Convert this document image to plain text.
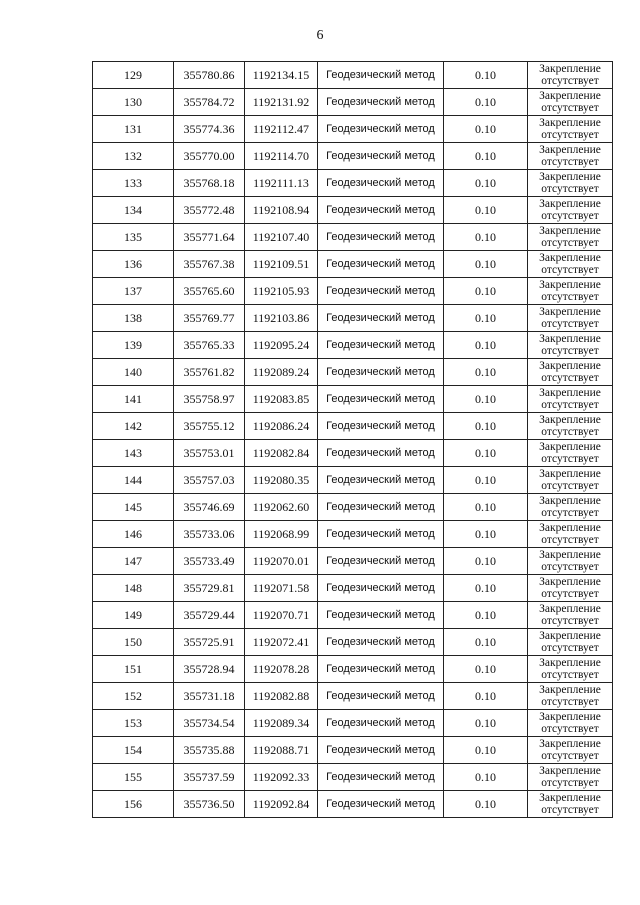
6
129	355780.86	1192134.15	Геодезический метод	0.10	Закрепление отсутствует
130	355784.72	1192131.92	Геодезический метод	0.10	Закрепление отсутствует
131	355774.36	1192112.47	Геодезический метод	0.10	Закрепление отсутствует
132	355770.00	1192114.70	Геодезический метод	0.10	Закрепление отсутствует
133	355768.18	1192111.13	Геодезический метод	0.10	Закрепление отсутствует
134	355772.48	1192108.94	Геодезический метод	0.10	Закрепление отсутствует
135	355771.64	1192107.40	Геодезический метод	0.10	Закрепление отсутствует
136	355767.38	1192109.51	Геодезический метод	0.10	Закрепление отсутствует
137	355765.60	1192105.93	Геодезический метод	0.10	Закрепление отсутствует
138	355769.77	1192103.86	Геодезический метод	0.10	Закрепление отсутствует
139	355765.33	1192095.24	Геодезический метод	0.10	Закрепление отсутствует
140	355761.82	1192089.24	Геодезический метод	0.10	Закрепление отсутствует
141	355758.97	1192083.85	Геодезический метод	0.10	Закрепление отсутствует
142	355755.12	1192086.24	Геодезический метод	0.10	Закрепление отсутствует
143	355753.01	1192082.84	Геодезический метод	0.10	Закрепление отсутствует
144	355757.03	1192080.35	Геодезический метод	0.10	Закрепление отсутствует
145	355746.69	1192062.60	Геодезический метод	0.10	Закрепление отсутствует
146	355733.06	1192068.99	Геодезический метод	0.10	Закрепление отсутствует
147	355733.49	1192070.01	Геодезический метод	0.10	Закрепление отсутствует
148	355729.81	1192071.58	Геодезический метод	0.10	Закрепление отсутствует
149	355729.44	1192070.71	Геодезический метод	0.10	Закрепление отсутствует
150	355725.91	1192072.41	Геодезический метод	0.10	Закрепление отсутствует
151	355728.94	1192078.28	Геодезический метод	0.10	Закрепление отсутствует
152	355731.18	1192082.88	Геодезический метод	0.10	Закрепление отсутствует
153	355734.54	1192089.34	Геодезический метод	0.10	Закрепление отсутствует
154	355735.88	1192088.71	Геодезический метод	0.10	Закрепление отсутствует
155	355737.59	1192092.33	Геодезический метод	0.10	Закрепление отсутствует
156	355736.50	1192092.84	Геодезический метод	0.10	Закрепление отсутствует
